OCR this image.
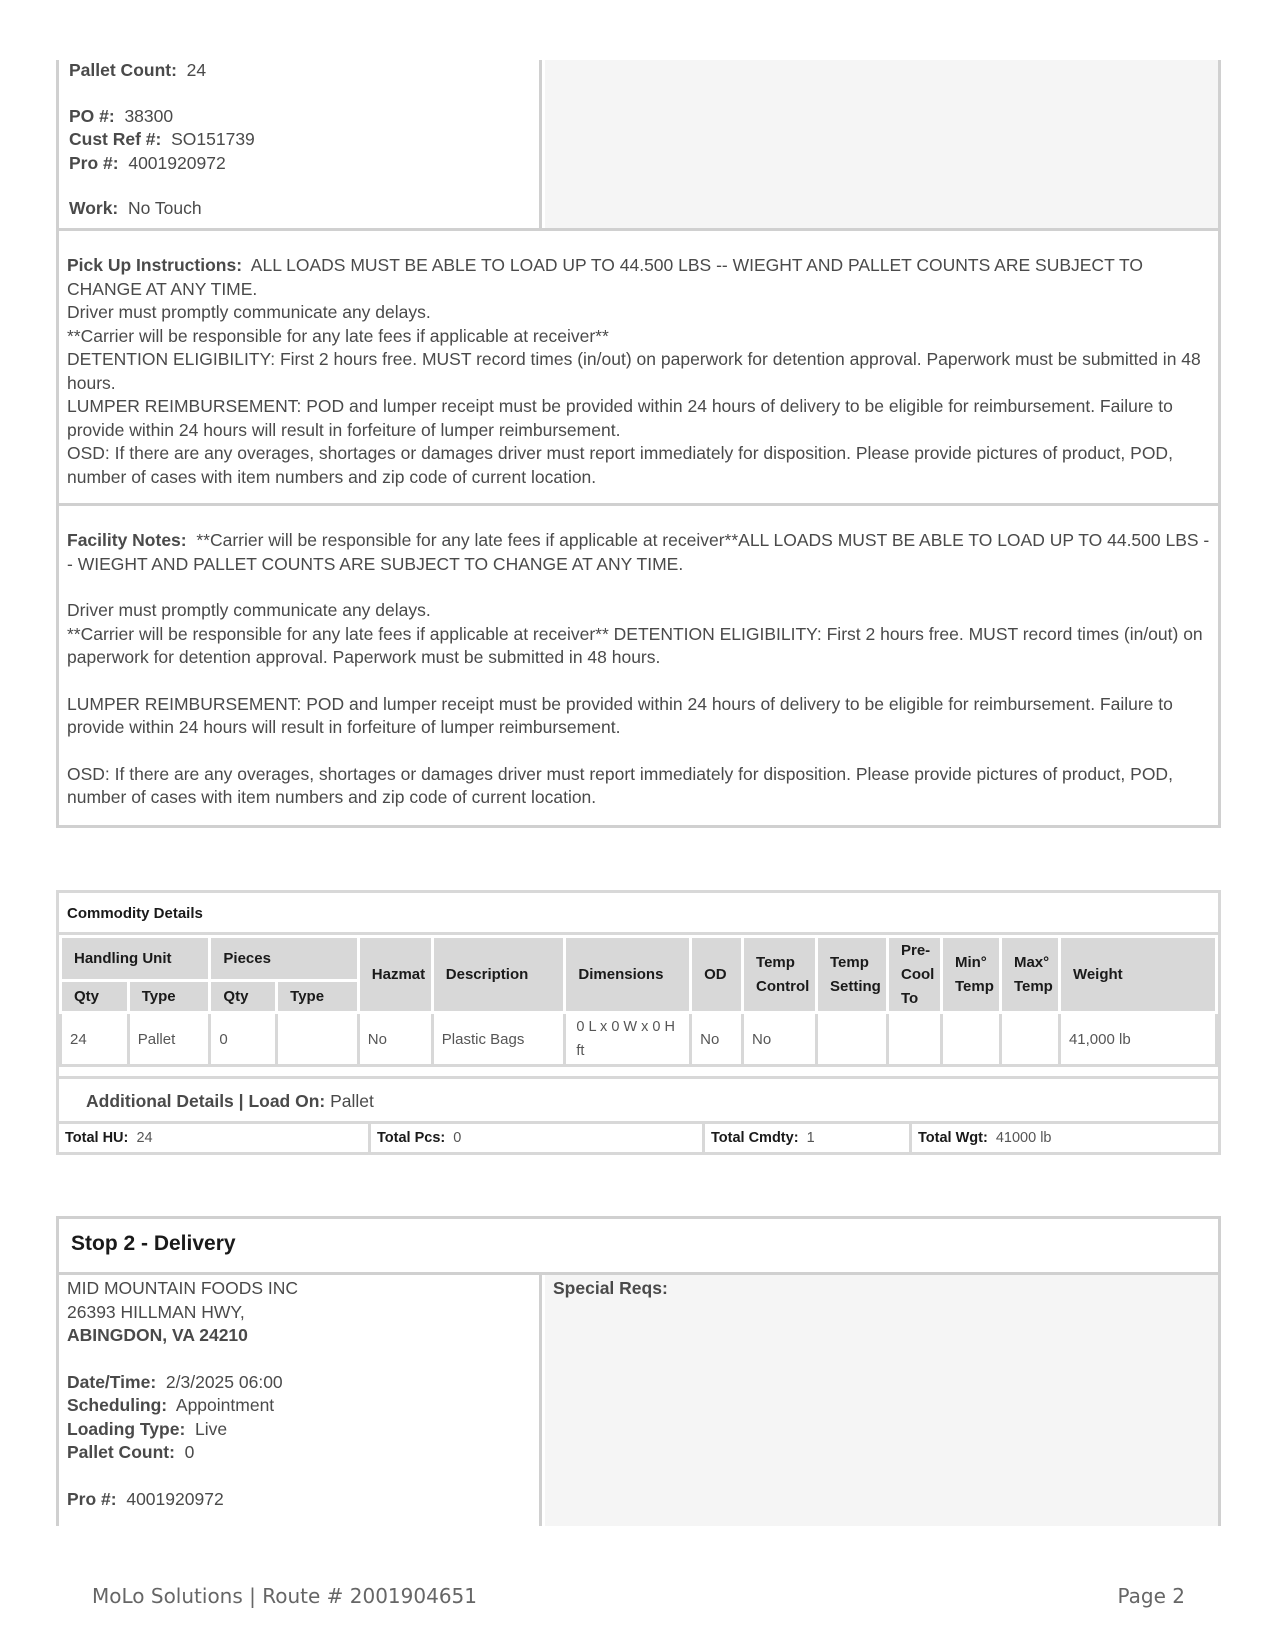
Pallet Count: 24
PO #: 38300
Cust Ref #: SO151739
Pro #: 4001920972
Work: No Touch
Pick Up Instructions: ALL LOADS MUST BE ABLE TO LOAD UP TO 44.500 LBS -- WIEGHT AND PALLET COUNTS ARE SUBJECT TO CHANGE AT ANY TIME.
Driver must promptly communicate any delays.
**Carrier will be responsible for any late fees if applicable at receiver**
DETENTION ELIGIBILITY: First 2 hours free. MUST record times (in/out) on paperwork for detention approval. Paperwork must be submitted in 48 hours.
LUMPER REIMBURSEMENT: POD and lumper receipt must be provided within 24 hours of delivery to be eligible for reimbursement. Failure to provide within 24 hours will result in forfeiture of lumper reimbursement.
OSD: If there are any overages, shortages or damages driver must report immediately for disposition. Please provide pictures of product, POD, number of cases with item numbers and zip code of current location.
Facility Notes: **Carrier will be responsible for any late fees if applicable at receiver**ALL LOADS MUST BE ABLE TO LOAD UP TO 44.500 LBS -- WIEGHT AND PALLET COUNTS ARE SUBJECT TO CHANGE AT ANY TIME.
Driver must promptly communicate any delays.
**Carrier will be responsible for any late fees if applicable at receiver** DETENTION ELIGIBILITY: First 2 hours free. MUST record times (in/out) on paperwork for detention approval. Paperwork must be submitted in 48 hours.
LUMPER REIMBURSEMENT: POD and lumper receipt must be provided within 24 hours of delivery to be eligible for reimbursement. Failure to provide within 24 hours will result in forfeiture of lumper reimbursement.
OSD: If there are any overages, shortages or damages driver must report immediately for disposition. Please provide pictures of product, POD, number of cases with item numbers and zip code of current location.
Commodity Details
Handling Unit		Pieces		Hazmat	Description	Dimensions	OD	Temp Control	Temp Setting	Pre-Cool To	Min° Temp	Max° Temp	Weight
Qty	Type	Qty	Type										
24	Pallet	0		No	Plastic Bags	0 L x 0 W x 0 H ft	No	No					41,000 lb
Additional Details | Load On: Pallet
Total HU: 24	Total Pcs: 0	Total Cmdty: 1	Total Wgt: 41000 lb
Stop 2 - Delivery
MID MOUNTAIN FOODS INC
26393 HILLMAN HWY,
ABINGDON, VA 24210
Date/Time: 2/3/2025 06:00
Scheduling: Appointment
Loading Type: Live
Pallet Count: 0
Pro #: 4001920972
Special Reqs:
MoLo Solutions | Route # 2001904651	Page 2
